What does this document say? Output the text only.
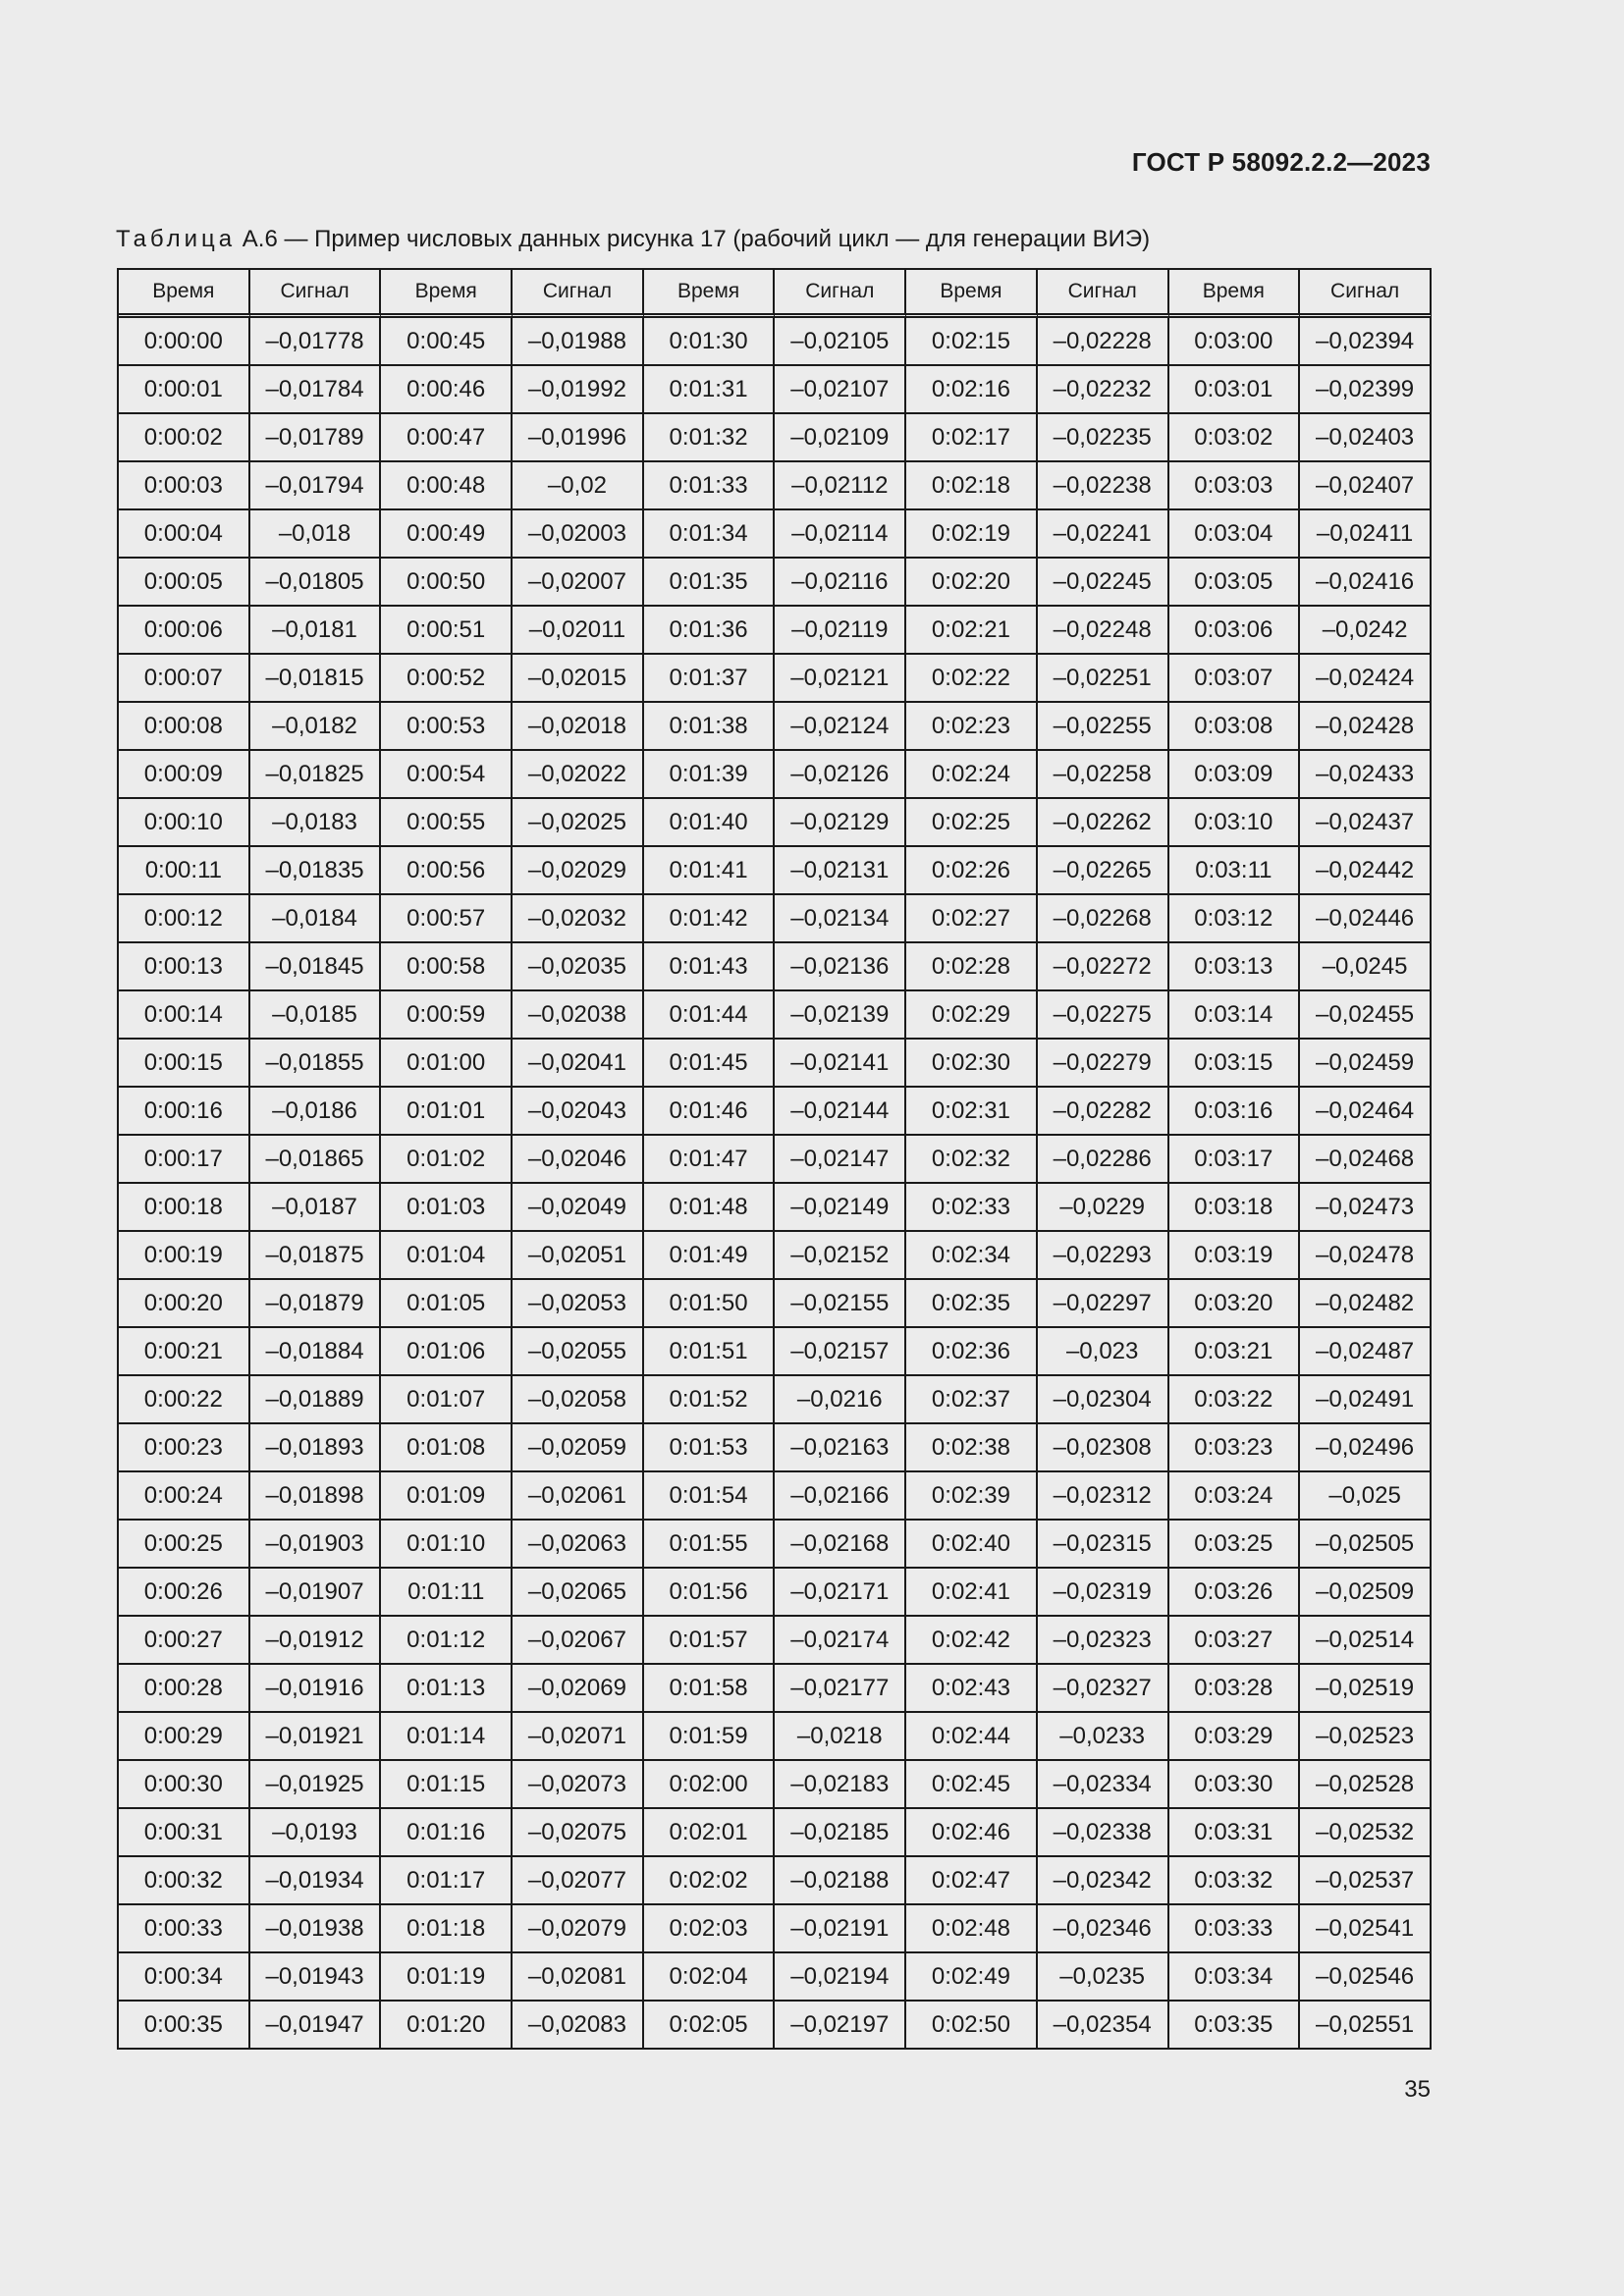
ГОСТ Р 58092.2.2—2023
Таблица А.6 — Пример числовых данных рисунка 17 (рабочий цикл — для генерации ВИЭ)
Время	Сигнал	Время	Сигнал	Время	Сигнал	Время	Сигнал	Время	Сигнал
0:00:00	–0,01778	0:00:45	–0,01988	0:01:30	–0,02105	0:02:15	–0,02228	0:03:00	–0,02394
0:00:01	–0,01784	0:00:46	–0,01992	0:01:31	–0,02107	0:02:16	–0,02232	0:03:01	–0,02399
0:00:02	–0,01789	0:00:47	–0,01996	0:01:32	–0,02109	0:02:17	–0,02235	0:03:02	–0,02403
0:00:03	–0,01794	0:00:48	–0,02	0:01:33	–0,02112	0:02:18	–0,02238	0:03:03	–0,02407
0:00:04	–0,018	0:00:49	–0,02003	0:01:34	–0,02114	0:02:19	–0,02241	0:03:04	–0,02411
0:00:05	–0,01805	0:00:50	–0,02007	0:01:35	–0,02116	0:02:20	–0,02245	0:03:05	–0,02416
0:00:06	–0,0181	0:00:51	–0,02011	0:01:36	–0,02119	0:02:21	–0,02248	0:03:06	–0,0242
0:00:07	–0,01815	0:00:52	–0,02015	0:01:37	–0,02121	0:02:22	–0,02251	0:03:07	–0,02424
0:00:08	–0,0182	0:00:53	–0,02018	0:01:38	–0,02124	0:02:23	–0,02255	0:03:08	–0,02428
0:00:09	–0,01825	0:00:54	–0,02022	0:01:39	–0,02126	0:02:24	–0,02258	0:03:09	–0,02433
0:00:10	–0,0183	0:00:55	–0,02025	0:01:40	–0,02129	0:02:25	–0,02262	0:03:10	–0,02437
0:00:11	–0,01835	0:00:56	–0,02029	0:01:41	–0,02131	0:02:26	–0,02265	0:03:11	–0,02442
0:00:12	–0,0184	0:00:57	–0,02032	0:01:42	–0,02134	0:02:27	–0,02268	0:03:12	–0,02446
0:00:13	–0,01845	0:00:58	–0,02035	0:01:43	–0,02136	0:02:28	–0,02272	0:03:13	–0,0245
0:00:14	–0,0185	0:00:59	–0,02038	0:01:44	–0,02139	0:02:29	–0,02275	0:03:14	–0,02455
0:00:15	–0,01855	0:01:00	–0,02041	0:01:45	–0,02141	0:02:30	–0,02279	0:03:15	–0,02459
0:00:16	–0,0186	0:01:01	–0,02043	0:01:46	–0,02144	0:02:31	–0,02282	0:03:16	–0,02464
0:00:17	–0,01865	0:01:02	–0,02046	0:01:47	–0,02147	0:02:32	–0,02286	0:03:17	–0,02468
0:00:18	–0,0187	0:01:03	–0,02049	0:01:48	–0,02149	0:02:33	–0,0229	0:03:18	–0,02473
0:00:19	–0,01875	0:01:04	–0,02051	0:01:49	–0,02152	0:02:34	–0,02293	0:03:19	–0,02478
0:00:20	–0,01879	0:01:05	–0,02053	0:01:50	–0,02155	0:02:35	–0,02297	0:03:20	–0,02482
0:00:21	–0,01884	0:01:06	–0,02055	0:01:51	–0,02157	0:02:36	–0,023	0:03:21	–0,02487
0:00:22	–0,01889	0:01:07	–0,02058	0:01:52	–0,0216	0:02:37	–0,02304	0:03:22	–0,02491
0:00:23	–0,01893	0:01:08	–0,02059	0:01:53	–0,02163	0:02:38	–0,02308	0:03:23	–0,02496
0:00:24	–0,01898	0:01:09	–0,02061	0:01:54	–0,02166	0:02:39	–0,02312	0:03:24	–0,025
0:00:25	–0,01903	0:01:10	–0,02063	0:01:55	–0,02168	0:02:40	–0,02315	0:03:25	–0,02505
0:00:26	–0,01907	0:01:11	–0,02065	0:01:56	–0,02171	0:02:41	–0,02319	0:03:26	–0,02509
0:00:27	–0,01912	0:01:12	–0,02067	0:01:57	–0,02174	0:02:42	–0,02323	0:03:27	–0,02514
0:00:28	–0,01916	0:01:13	–0,02069	0:01:58	–0,02177	0:02:43	–0,02327	0:03:28	–0,02519
0:00:29	–0,01921	0:01:14	–0,02071	0:01:59	–0,0218	0:02:44	–0,0233	0:03:29	–0,02523
0:00:30	–0,01925	0:01:15	–0,02073	0:02:00	–0,02183	0:02:45	–0,02334	0:03:30	–0,02528
0:00:31	–0,0193	0:01:16	–0,02075	0:02:01	–0,02185	0:02:46	–0,02338	0:03:31	–0,02532
0:00:32	–0,01934	0:01:17	–0,02077	0:02:02	–0,02188	0:02:47	–0,02342	0:03:32	–0,02537
0:00:33	–0,01938	0:01:18	–0,02079	0:02:03	–0,02191	0:02:48	–0,02346	0:03:33	–0,02541
0:00:34	–0,01943	0:01:19	–0,02081	0:02:04	–0,02194	0:02:49	–0,0235	0:03:34	–0,02546
0:00:35	–0,01947	0:01:20	–0,02083	0:02:05	–0,02197	0:02:50	–0,02354	0:03:35	–0,02551
35
